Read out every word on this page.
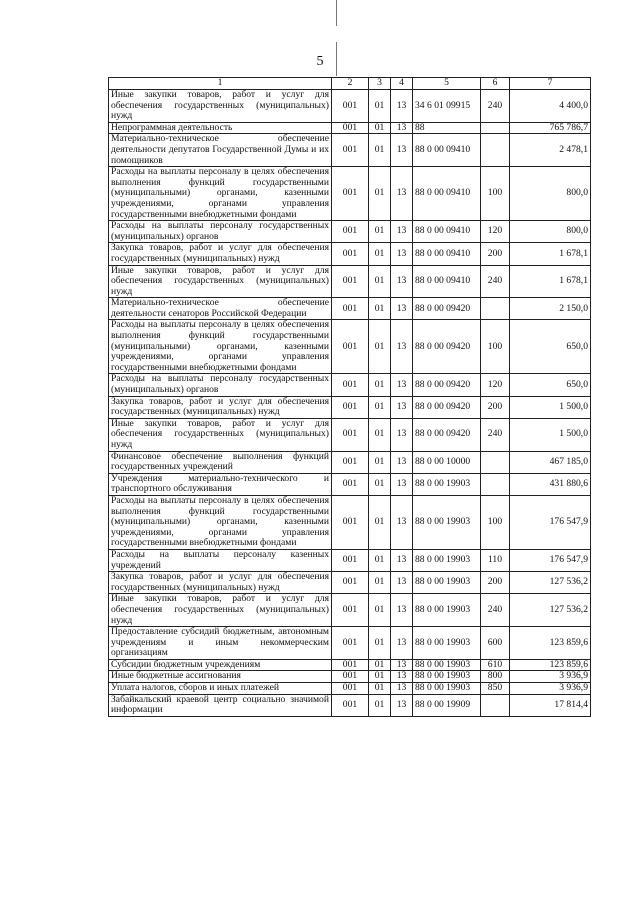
5
1	2	3	4	5	6	7
Иные закупки товаров, работ и услуг для обеспечения государственных (муниципальных) нужд	001	01	13	34 6 01 09915	240	4 400,0
Непрограммная деятельность	001	01	13	88		765 786,7
Материально-техническое обеспечение деятельности депутатов Государственной Думы и их помощников	001	01	13	88 0 00 09410		2 478,1
Расходы на выплаты персоналу в целях обеспечения выполнения функций государственными (муниципальными) органами, казенными учреждениями, органами управления государственными внебюджетными фондами	001	01	13	88 0 00 09410	100	800,0
Расходы на выплаты персоналу государственных (муниципальных) органов	001	01	13	88 0 00 09410	120	800,0
Закупка товаров, работ и услуг для обеспечения государственных (муниципальных) нужд	001	01	13	88 0 00 09410	200	1 678,1
Иные закупки товаров, работ и услуг для обеспечения государственных (муниципальных) нужд	001	01	13	88 0 00 09410	240	1 678,1
Материально-техническое обеспечение деятельности сенаторов Российской Федерации	001	01	13	88 0 00 09420		2 150,0
Расходы на выплаты персоналу в целях обеспечения выполнения функций государственными (муниципальными) органами, казенными учреждениями, органами управления государственными внебюджетными фондами	001	01	13	88 0 00 09420	100	650,0
Расходы на выплаты персоналу государственных (муниципальных) органов	001	01	13	88 0 00 09420	120	650,0
Закупка товаров, работ и услуг для обеспечения государственных (муниципальных) нужд	001	01	13	88 0 00 09420	200	1 500,0
Иные закупки товаров, работ и услуг для обеспечения государственных (муниципальных) нужд	001	01	13	88 0 00 09420	240	1 500,0
Финансовое обеспечение выполнения функций государственных учреждений	001	01	13	88 0 00 10000		467 185,0
Учреждения материально-технического и транспортного обслуживания	001	01	13	88 0 00 19903		431 880,6
Расходы на выплаты персоналу в целях обеспечения выполнения функций государственными (муниципальными) органами, казенными учреждениями, органами управления государственными внебюджетными фондами	001	01	13	88 0 00 19903	100	176 547,9
Расходы на выплаты персоналу казенных учреждений	001	01	13	88 0 00 19903	110	176 547,9
Закупка товаров, работ и услуг для обеспечения государственных (муниципальных) нужд	001	01	13	88 0 00 19903	200	127 536,2
Иные закупки товаров, работ и услуг для обеспечения государственных (муниципальных) нужд	001	01	13	88 0 00 19903	240	127 536,2
Предоставление субсидий бюджетным, автономным учреждениям и иным некоммерческим организациям	001	01	13	88 0 00 19903	600	123 859,6
Субсидии бюджетным учреждениям	001	01	13	88 0 00 19903	610	123 859,6
Иные бюджетные ассигнования	001	01	13	88 0 00 19903	800	3 936,9
Уплата налогов, сборов и иных платежей	001	01	13	88 0 00 19903	850	3 936,9
Забайкальский краевой центр социально значимой информации	001	01	13	88 0 00 19909		17 814,4
